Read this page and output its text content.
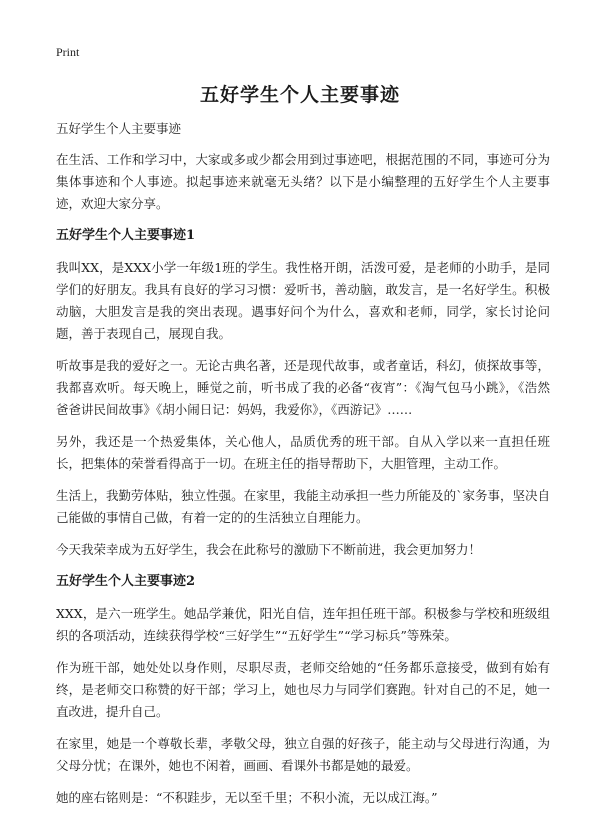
Print
五好学生个人主要事迹

五好学生个人主要事迹

在生活、工作和学习中，大家或多或少都会用到过事迹吧，根据范围的不同，事迹可分为集体事迹和个人事迹。拟起事迹来就毫无头绪？以下是小编整理的五好学生个人主要事迹，欢迎大家分享。

五好学生个人主要事迹1

我叫XX，是XXX小学一年级1班的学生。我性格开朗，活泼可爱，是老师的小助手，是同学们的好朋友。我具有良好的学习习惯：爱听书，善动脑，敢发言，是一名好学生。积极动脑，大胆发言是我的突出表现。遇事好问个为什么，喜欢和老师，同学，家长讨论问题，善于表现自己，展现自我。

听故事是我的爱好之一。无论古典名著，还是现代故事，或者童话，科幻，侦探故事等，我都喜欢听。每天晚上，睡觉之前，听书成了我的必备“夜宵”：《淘气包马小跳》，《浩然爸爸讲民间故事》《胡小闹日记：妈妈，我爱你》，《西游记》……

另外，我还是一个热爱集体，关心他人，品质优秀的班干部。自从入学以来一直担任班长，把集体的荣誉看得高于一切。在班主任的指导帮助下，大胆管理，主动工作。

生活上，我勤劳体贴，独立性强。在家里，我能主动承担一些力所能及的`家务事，坚决自己能做的事情自己做，有着一定的的生活独立自理能力。

今天我荣幸成为五好学生，我会在此称号的激励下不断前进，我会更加努力！

五好学生个人主要事迹2

XXX，是六一班学生。她品学兼优，阳光自信，连年担任班干部。积极参与学校和班级组织的各项活动，连续获得学校“三好学生”“五好学生”“学习标兵”等殊荣。

作为班干部，她处处以身作则，尽职尽责，老师交给她的“任务都乐意接受，做到有始有终，是老师交口称赞的好干部；学习上，她也尽力与同学们赛跑。针对自己的不足，她一直改进，提升自己。

在家里，她是一个尊敬长辈，孝敬父母，独立自强的好孩子，能主动与父母进行沟通，为父母分忧；在课外，她也不闲着，画画、看课外书都是她的最爱。

她的座右铭则是：“不积跬步，无以至千里；不积小流，无以成江海。”
